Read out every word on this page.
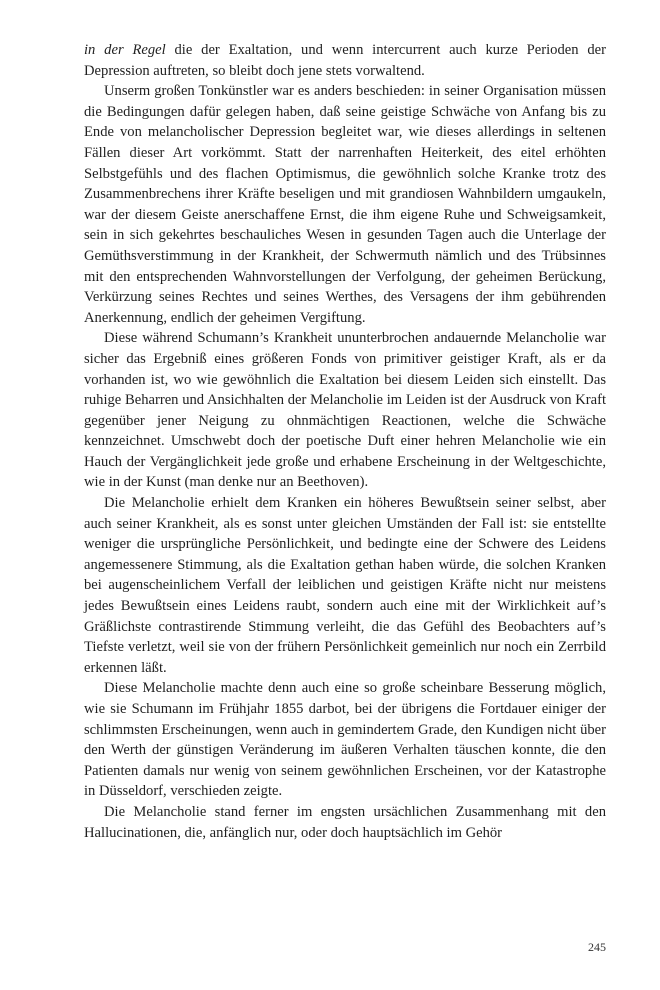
in der Regel die der Exaltation, und wenn intercurrent auch kurze Perioden der Depression auftreten, so bleibt doch jene stets vorwaltend.

Unserm großen Tonkünstler war es anders beschieden: in seiner Organisation müssen die Bedingungen dafür gelegen haben, daß seine geistige Schwäche von Anfang bis zu Ende von melancholischer Depression begleitet war, wie dieses allerdings in seltenen Fällen dieser Art vorkömmt. Statt der narrenhaften Heiterkeit, des eitel erhöhten Selbstgefühls und des flachen Optimismus, die gewöhnlich solche Kranke trotz des Zusammenbrechens ihrer Kräfte beseligen und mit grandiosen Wahnbildern umgaukeln, war der diesem Geiste anerschaffene Ernst, die ihm eigene Ruhe und Schweigsamkeit, sein in sich gekehrtes beschauliches Wesen in gesunden Tagen auch die Unterlage der Gemüthsverstimmung in der Krankheit, der Schwermuth nämlich und des Trübsinnes mit den entsprechenden Wahnvorstellungen der Verfolgung, der geheimen Berückung, Verkürzung seines Rechtes und seines Werthes, des Versagens der ihm gebührenden Anerkennung, endlich der geheimen Vergiftung.

Diese während Schumann’s Krankheit ununterbrochen andauernde Melancholie war sicher das Ergebniß eines größeren Fonds von primitiver geistiger Kraft, als er da vorhanden ist, wo wie gewöhnlich die Exaltation bei diesem Leiden sich einstellt. Das ruhige Beharren und Ansichhalten der Melancholie im Leiden ist der Ausdruck von Kraft gegenüber jener Neigung zu ohnmächtigen Reactionen, welche die Schwäche kennzeichnet. Umschwebt doch der poetische Duft einer hehren Melancholie wie ein Hauch der Vergänglichkeit jede große und erhabene Erscheinung in der Weltgeschichte, wie in der Kunst (man denke nur an Beethoven).

Die Melancholie erhielt dem Kranken ein höheres Bewußtsein seiner selbst, aber auch seiner Krankheit, als es sonst unter gleichen Umständen der Fall ist: sie entstellte weniger die ursprüngliche Persönlichkeit, und bedingte eine der Schwere des Leidens angemessenere Stimmung, als die Exaltation gethan haben würde, die solchen Kranken bei augenscheinlichem Verfall der leiblichen und geistigen Kräfte nicht nur meistens jedes Bewußtsein eines Leidens raubt, sondern auch eine mit der Wirklichkeit auf’s Gräßlichste contrastirende Stimmung verleiht, die das Gefühl des Beobachters auf’s Tiefste verletzt, weil sie von der frühern Persönlichkeit gemeinlich nur noch ein Zerrbild erkennen läßt.

Diese Melancholie machte denn auch eine so große scheinbare Besserung möglich, wie sie Schumann im Frühjahr 1855 darbot, bei der übrigens die Fortdauer einiger der schlimmsten Erscheinungen, wenn auch in gemindertem Grade, den Kundigen nicht über den Werth der günstigen Veränderung im äußeren Verhalten täuschen konnte, die den Patienten damals nur wenig von seinem gewöhnlichen Erscheinen, vor der Katastrophe in Düsseldorf, verschieden zeigte.

Die Melancholie stand ferner im engsten ursächlichen Zusammenhang mit den Hallucinationen, die, anfänglich nur, oder doch hauptsächlich im Gehör

245
